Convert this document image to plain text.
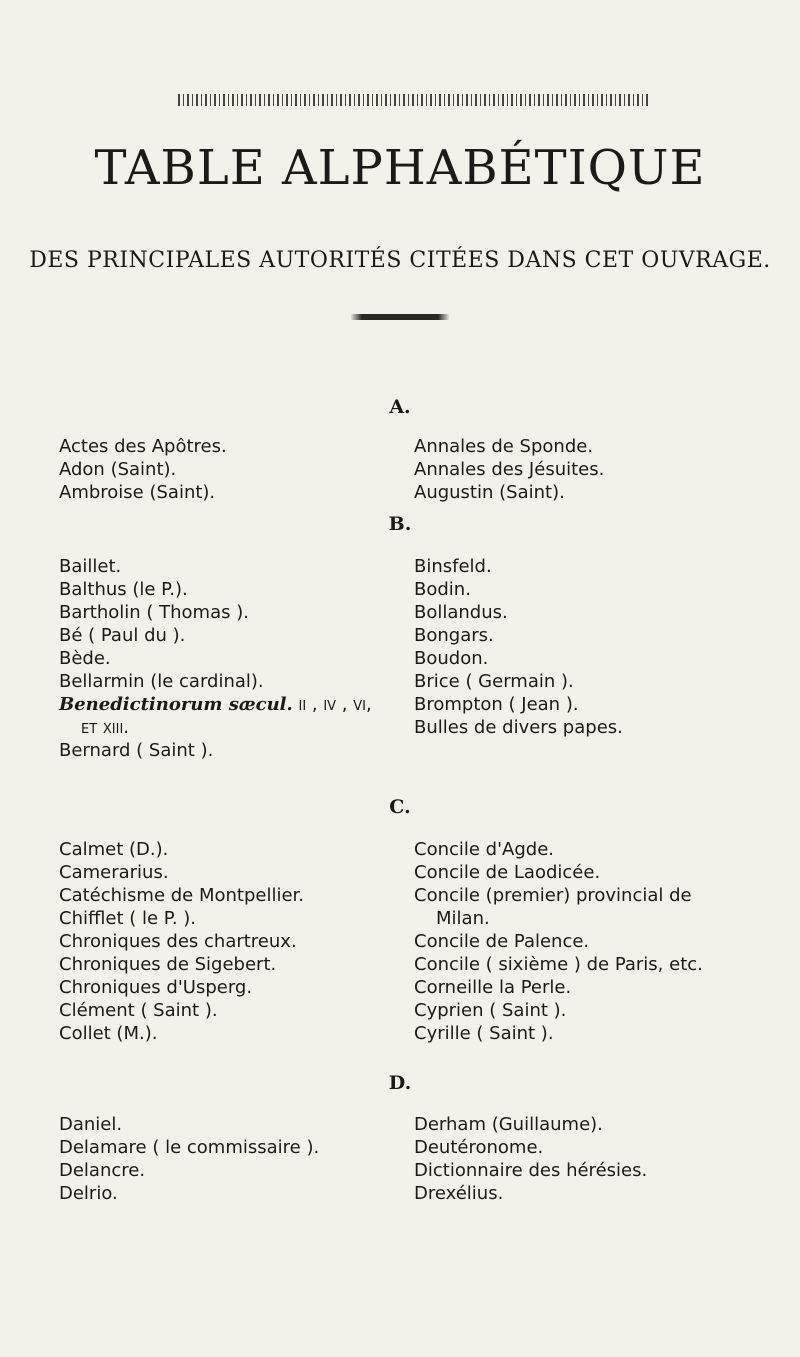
TABLE ALPHABÉTIQUE
DES PRINCIPALES AUTORITÉS CITÉES DANS CET OUVRAGE.
A.
Actes des Apôtres.
Adon (Saint).
Ambroise (Saint).
Annales de Sponde.
Annales des Jésuites.
Augustin (Saint).
B.
Baillet.
Balthus (le P.).
Bartholin ( Thomas ).
Bé ( Paul du ).
Bède.
Bellarmin (le cardinal).
Benedictinorum sæcul. ii , iv , vi,
et xiii.
Bernard ( Saint ).
Binsfeld.
Bodin.
Bollandus.
Bongars.
Boudon.
Brice ( Germain ).
Brompton ( Jean ).
Bulles de divers papes.
C.
Calmet (D.).
Camerarius.
Catéchisme de Montpellier.
Chifflet ( le P. ).
Chroniques des chartreux.
Chroniques de Sigebert.
Chroniques d'Usperg.
Clément ( Saint ).
Collet (M.).
Concile d'Agde.
Concile de Laodicée.
Concile (premier) provincial de
Milan.
Concile de Palence.
Concile ( sixième ) de Paris, etc.
Corneille la Perle.
Cyprien ( Saint ).
Cyrille ( Saint ).
D.
Daniel.
Delamare ( le commissaire ).
Delancre.
Delrio.
Derham (Guillaume).
Deutéronome.
Dictionnaire des hérésies.
Drexélius.
